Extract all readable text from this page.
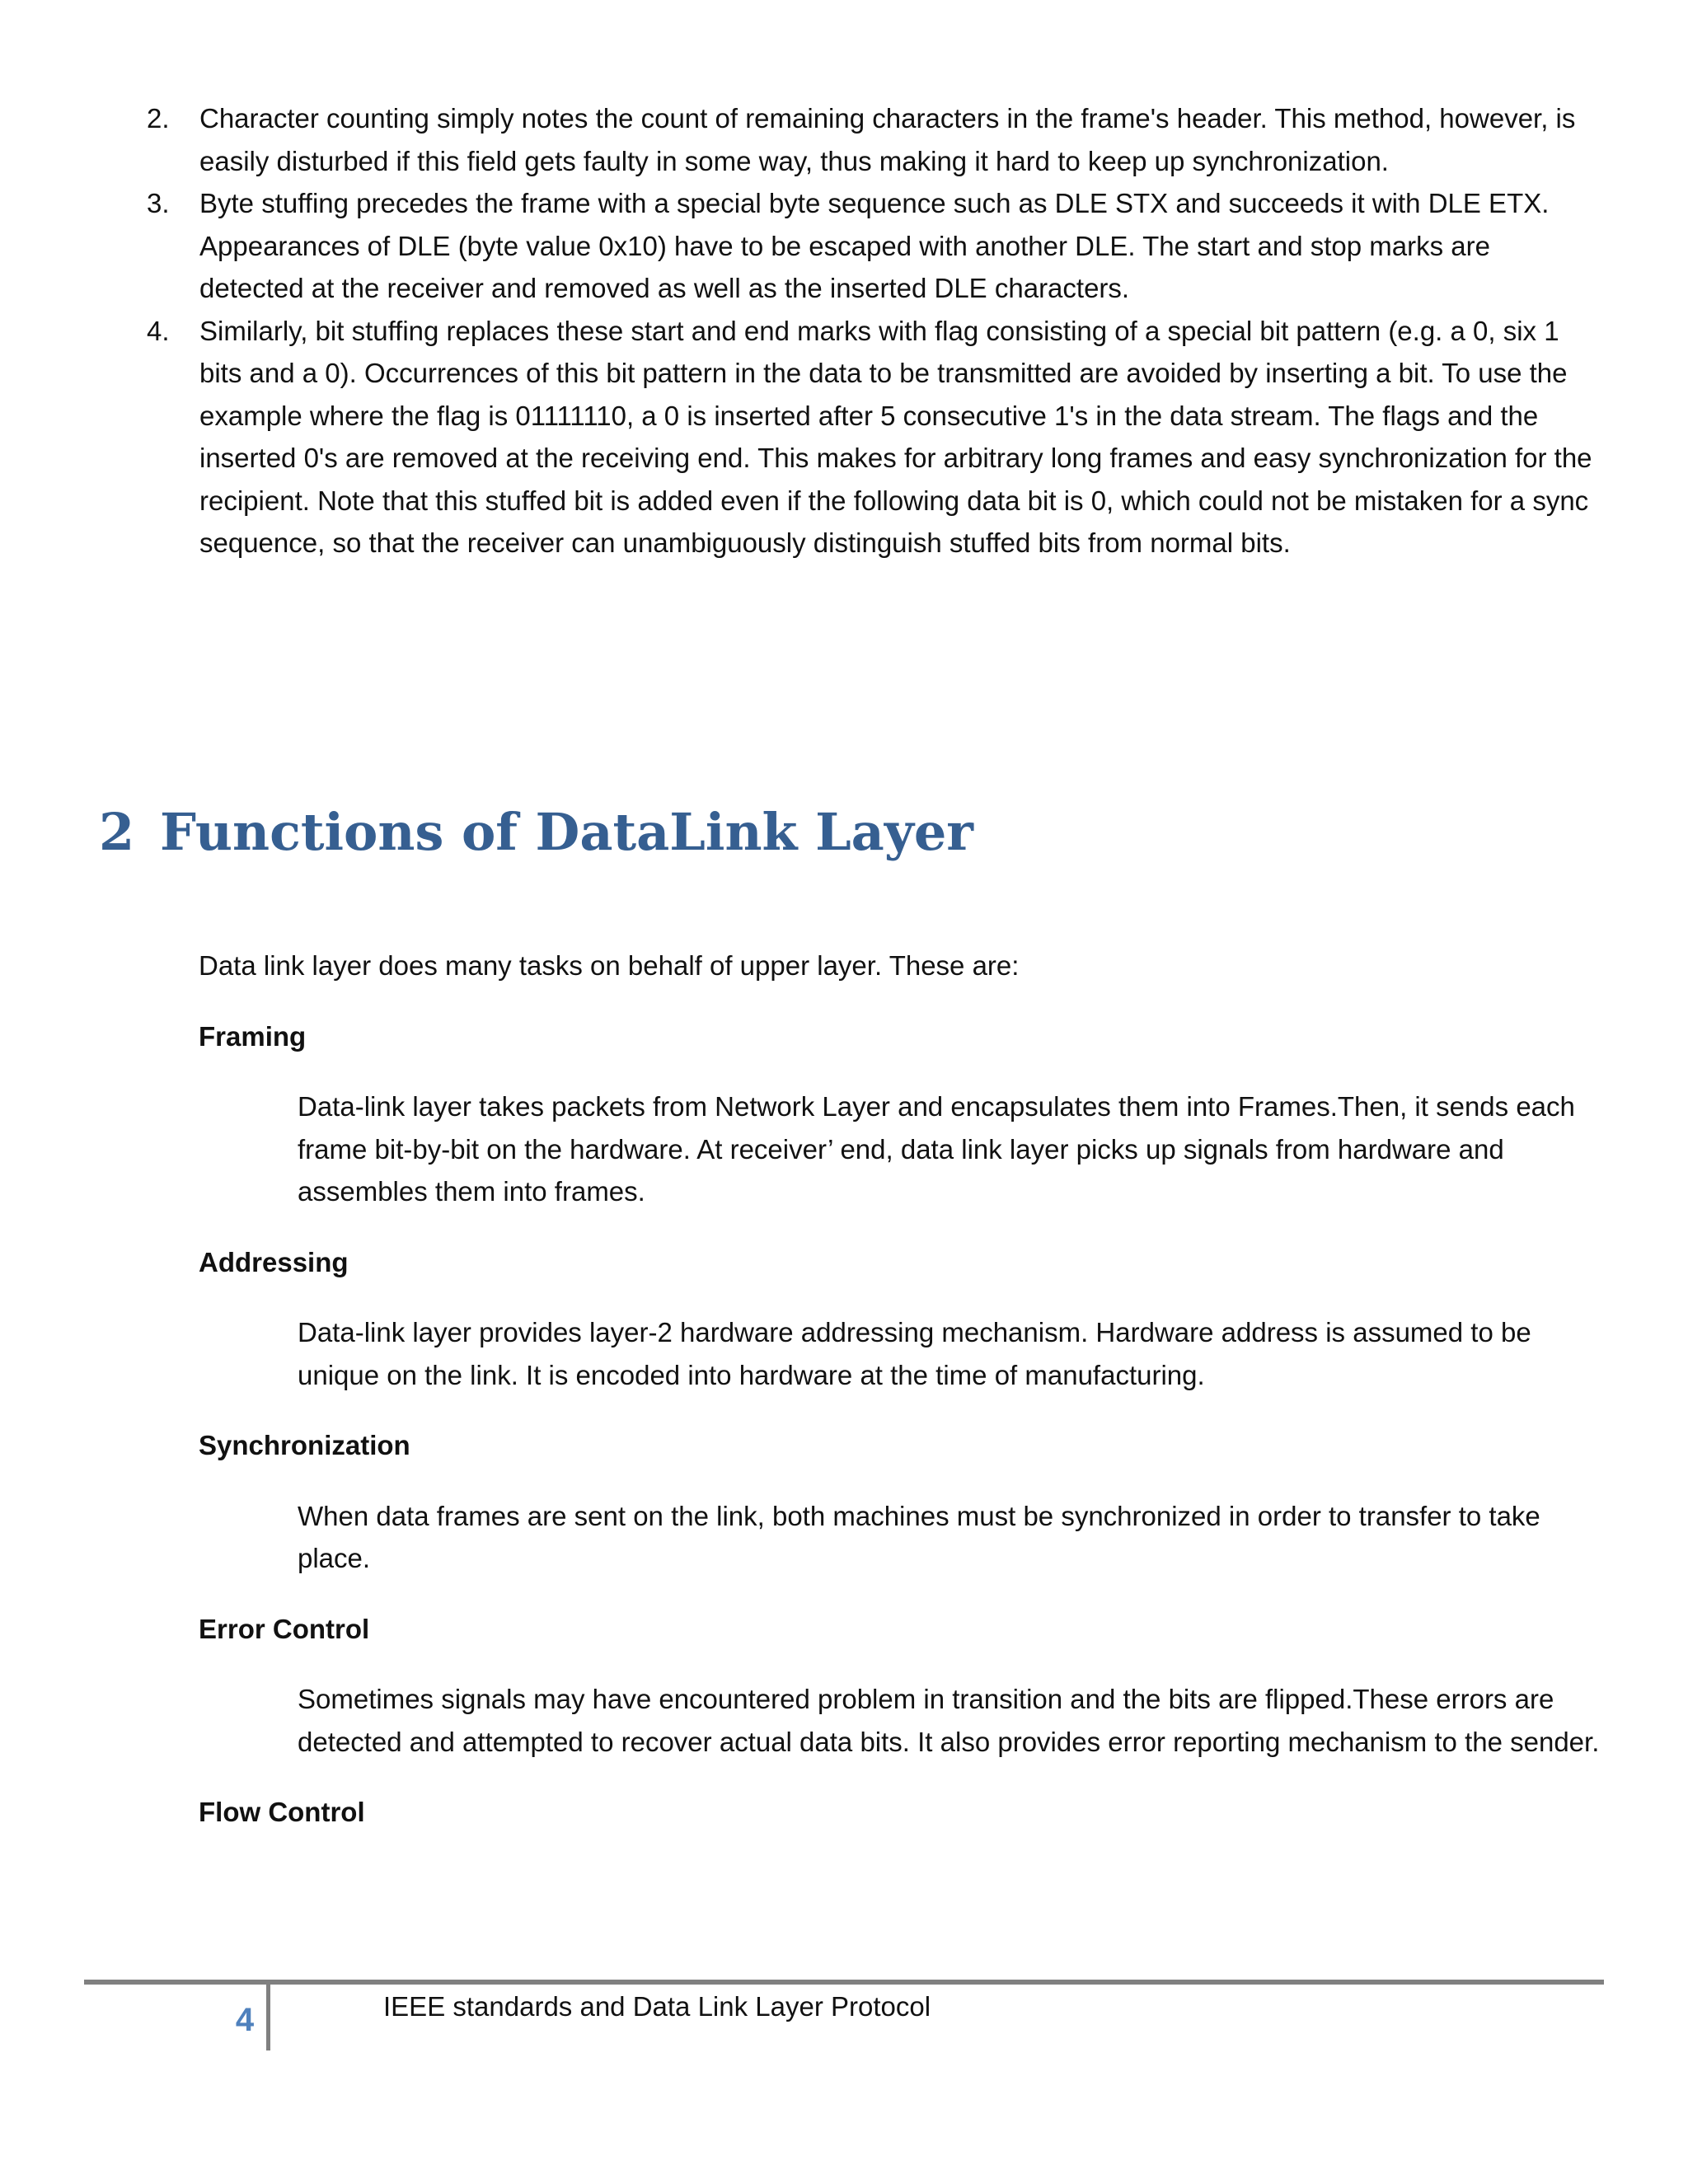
2.	Character counting simply notes the count of remaining characters in the frame's header. This method, however, is easily disturbed if this field gets faulty in some way, thus making it hard to keep up synchronization.
3.	Byte stuffing precedes the frame with a special byte sequence such as DLE STX and succeeds it with DLE ETX. Appearances of DLE (byte value 0x10) have to be escaped with another DLE. The start and stop marks are detected at the receiver and removed as well as the inserted DLE characters.
4.	Similarly, bit stuffing replaces these start and end marks with flag consisting of a special bit pattern (e.g. a 0, six 1 bits and a 0). Occurrences of this bit pattern in the data to be transmitted are avoided by inserting a bit. To use the example where the flag is 01111110, a 0 is inserted after 5 consecutive 1's in the data stream. The flags and the inserted 0's are removed at the receiving end. This makes for arbitrary long frames and easy synchronization for the recipient. Note that this stuffed bit is added even if the following data bit is 0, which could not be mistaken for a sync sequence, so that the receiver can unambiguously distinguish stuffed bits from normal bits.
2 Functions of DataLink Layer

Data link layer does many tasks on behalf of upper layer. These are:

Framing

Data-link layer takes packets from Network Layer and encapsulates them into Frames.Then, it sends each frame bit-by-bit on the hardware. At receiver’ end, data link layer picks up signals from hardware and assembles them into frames.

Addressing

Data-link layer provides layer-2 hardware addressing mechanism. Hardware address is assumed to be unique on the link. It is encoded into hardware at the time of manufacturing.

Synchronization

When data frames are sent on the link, both machines must be synchronized in order to transfer to take place.

Error Control

Sometimes signals may have encountered problem in transition and the bits are flipped.These errors are detected and attempted to recover actual data bits. It also provides error reporting mechanism to the sender.

Flow Control
4	IEEE standards and Data Link Layer Protocol
